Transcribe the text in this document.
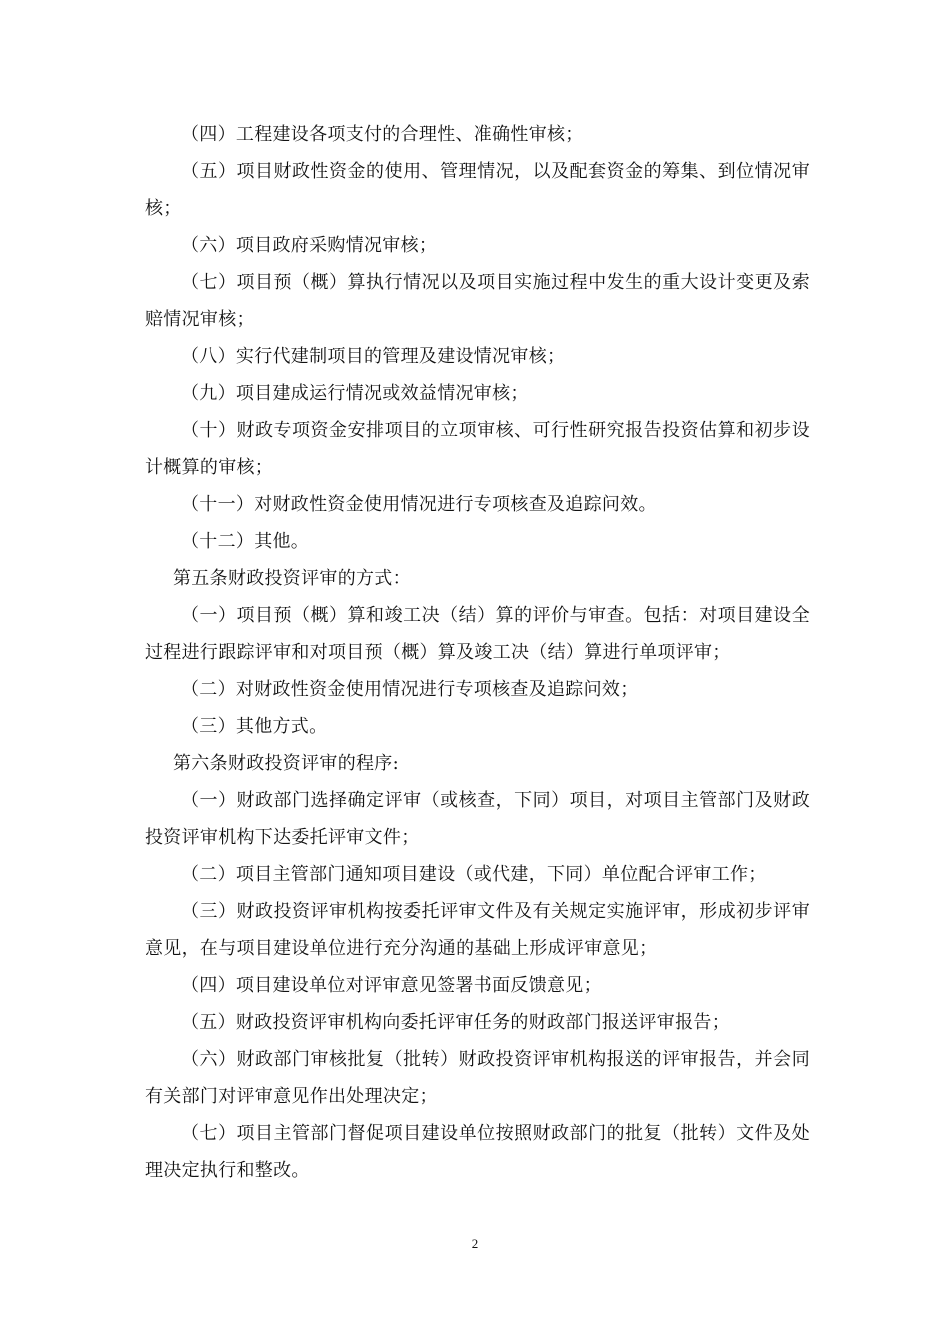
（四）工程建设各项支付的合理性、准确性审核；

（五）项目财政性资金的使用、管理情况，以及配套资金的筹集、到位情况审核；

（六）项目政府采购情况审核；

（七）项目预（概）算执行情况以及项目实施过程中发生的重大设计变更及索赔情况审核；

（八）实行代建制项目的管理及建设情况审核；

（九）项目建成运行情况或效益情况审核；

（十）财政专项资金安排项目的立项审核、可行性研究报告投资估算和初步设计概算的审核；

（十一）对财政性资金使用情况进行专项核查及追踪问效。

（十二）其他。

第五条财政投资评审的方式：

（一）项目预（概）算和竣工决（结）算的评价与审查。包括：对项目建设全过程进行跟踪评审和对项目预（概）算及竣工决（结）算进行单项评审；

（二）对财政性资金使用情况进行专项核查及追踪问效；

（三）其他方式。

第六条财政投资评审的程序:

（一）财政部门选择确定评审（或核查，下同）项目，对项目主管部门及财政投资评审机构下达委托评审文件；

（二）项目主管部门通知项目建设（或代建，下同）单位配合评审工作；

（三）财政投资评审机构按委托评审文件及有关规定实施评审，形成初步评审意见，在与项目建设单位进行充分沟通的基础上形成评审意见；

（四）项目建设单位对评审意见签署书面反馈意见；

（五）财政投资评审机构向委托评审任务的财政部门报送评审报告；

（六）财政部门审核批复（批转）财政投资评审机构报送的评审报告，并会同有关部门对评审意见作出处理决定；

（七）项目主管部门督促项目建设单位按照财政部门的批复（批转）文件及处理决定执行和整改。

2
